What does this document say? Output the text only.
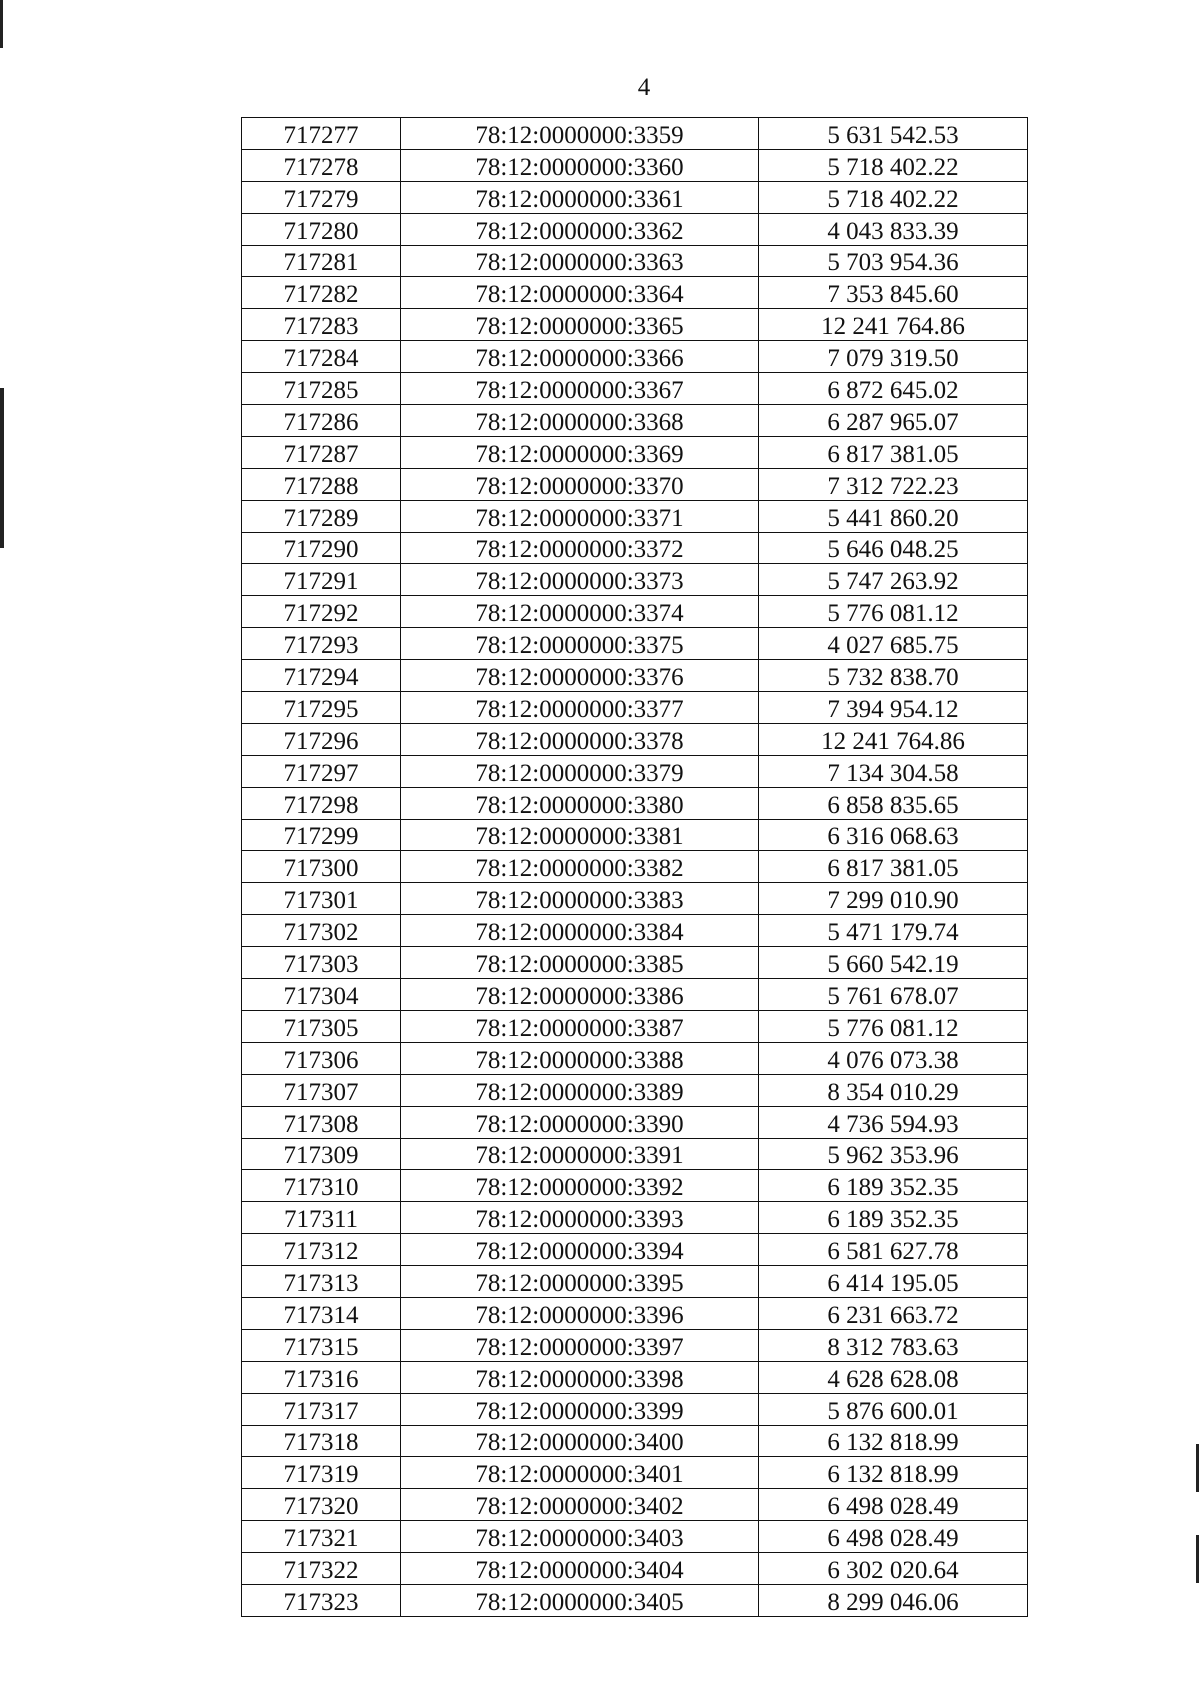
4
717277	78:12:0000000:3359	5 631 542.53
717278	78:12:0000000:3360	5 718 402.22
717279	78:12:0000000:3361	5 718 402.22
717280	78:12:0000000:3362	4 043 833.39
717281	78:12:0000000:3363	5 703 954.36
717282	78:12:0000000:3364	7 353 845.60
717283	78:12:0000000:3365	12 241 764.86
717284	78:12:0000000:3366	7 079 319.50
717285	78:12:0000000:3367	6 872 645.02
717286	78:12:0000000:3368	6 287 965.07
717287	78:12:0000000:3369	6 817 381.05
717288	78:12:0000000:3370	7 312 722.23
717289	78:12:0000000:3371	5 441 860.20
717290	78:12:0000000:3372	5 646 048.25
717291	78:12:0000000:3373	5 747 263.92
717292	78:12:0000000:3374	5 776 081.12
717293	78:12:0000000:3375	4 027 685.75
717294	78:12:0000000:3376	5 732 838.70
717295	78:12:0000000:3377	7 394 954.12
717296	78:12:0000000:3378	12 241 764.86
717297	78:12:0000000:3379	7 134 304.58
717298	78:12:0000000:3380	6 858 835.65
717299	78:12:0000000:3381	6 316 068.63
717300	78:12:0000000:3382	6 817 381.05
717301	78:12:0000000:3383	7 299 010.90
717302	78:12:0000000:3384	5 471 179.74
717303	78:12:0000000:3385	5 660 542.19
717304	78:12:0000000:3386	5 761 678.07
717305	78:12:0000000:3387	5 776 081.12
717306	78:12:0000000:3388	4 076 073.38
717307	78:12:0000000:3389	8 354 010.29
717308	78:12:0000000:3390	4 736 594.93
717309	78:12:0000000:3391	5 962 353.96
717310	78:12:0000000:3392	6 189 352.35
717311	78:12:0000000:3393	6 189 352.35
717312	78:12:0000000:3394	6 581 627.78
717313	78:12:0000000:3395	6 414 195.05
717314	78:12:0000000:3396	6 231 663.72
717315	78:12:0000000:3397	8 312 783.63
717316	78:12:0000000:3398	4 628 628.08
717317	78:12:0000000:3399	5 876 600.01
717318	78:12:0000000:3400	6 132 818.99
717319	78:12:0000000:3401	6 132 818.99
717320	78:12:0000000:3402	6 498 028.49
717321	78:12:0000000:3403	6 498 028.49
717322	78:12:0000000:3404	6 302 020.64
717323	78:12:0000000:3405	8 299 046.06
